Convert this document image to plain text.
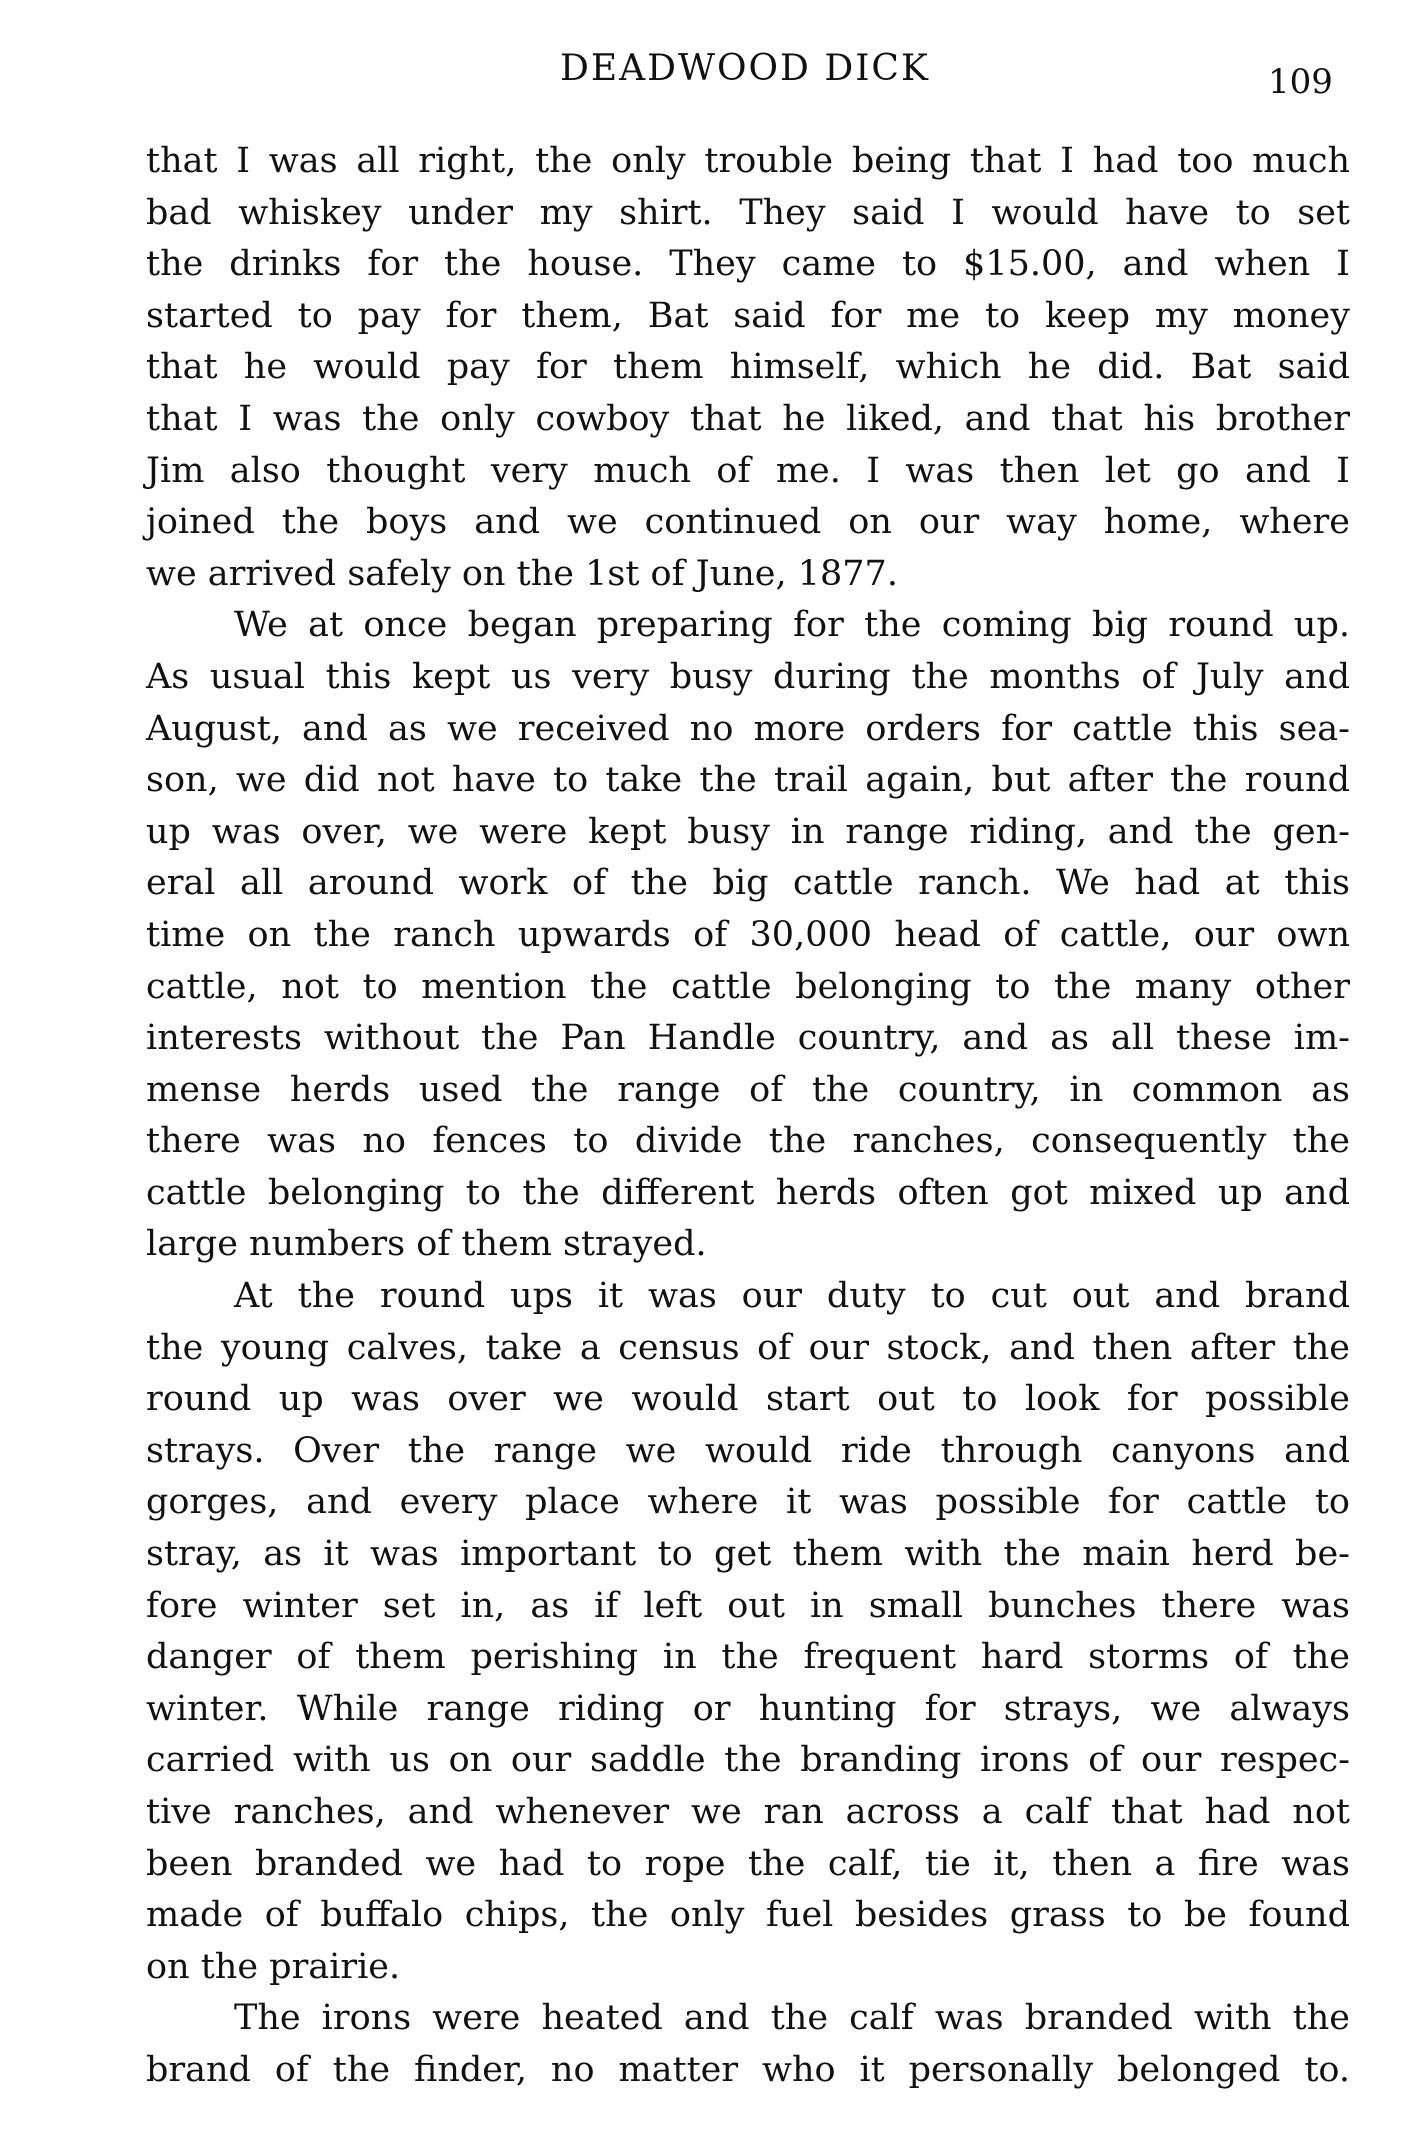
DEADWOOD DICK	109
that I was all right, the only trouble being that I had too much
bad whiskey under my shirt. They said I would have to set
the drinks for the house. They came to $15.00, and when I
started to pay for them, Bat said for me to keep my money
that he would pay for them himself, which he did. Bat said
that I was the only cowboy that he liked, and that his brother
Jim also thought very much of me. I was then let go and I
joined the boys and we continued on our way home, where
we arrived safely on the 1st of June, 1877.
We at once began preparing for the coming big round up.
As usual this kept us very busy during the months of July and
August, and as we received no more orders for cattle this sea-
son, we did not have to take the trail again, but after the round
up was over, we were kept busy in range riding, and the gen-
eral all around work of the big cattle ranch. We had at this
time on the ranch upwards of 30,000 head of cattle, our own
cattle, not to mention the cattle belonging to the many other
interests without the Pan Handle country, and as all these im-
mense herds used the range of the country, in common as
there was no fences to divide the ranches, consequently the
cattle belonging to the different herds often got mixed up and
large numbers of them strayed.
At the round ups it was our duty to cut out and brand
the young calves, take a census of our stock, and then after the
round up was over we would start out to look for possible
strays. Over the range we would ride through canyons and
gorges, and every place where it was possible for cattle to
stray, as it was important to get them with the main herd be-
fore winter set in, as if left out in small bunches there was
danger of them perishing in the frequent hard storms of the
winter. While range riding or hunting for strays, we always
carried with us on our saddle the branding irons of our respec-
tive ranches, and whenever we ran across a calf that had not
been branded we had to rope the calf, tie it, then a fire was
made of buffalo chips, the only fuel besides grass to be found
on the prairie.
The irons were heated and the calf was branded with the
brand of the finder, no matter who it personally belonged to.
